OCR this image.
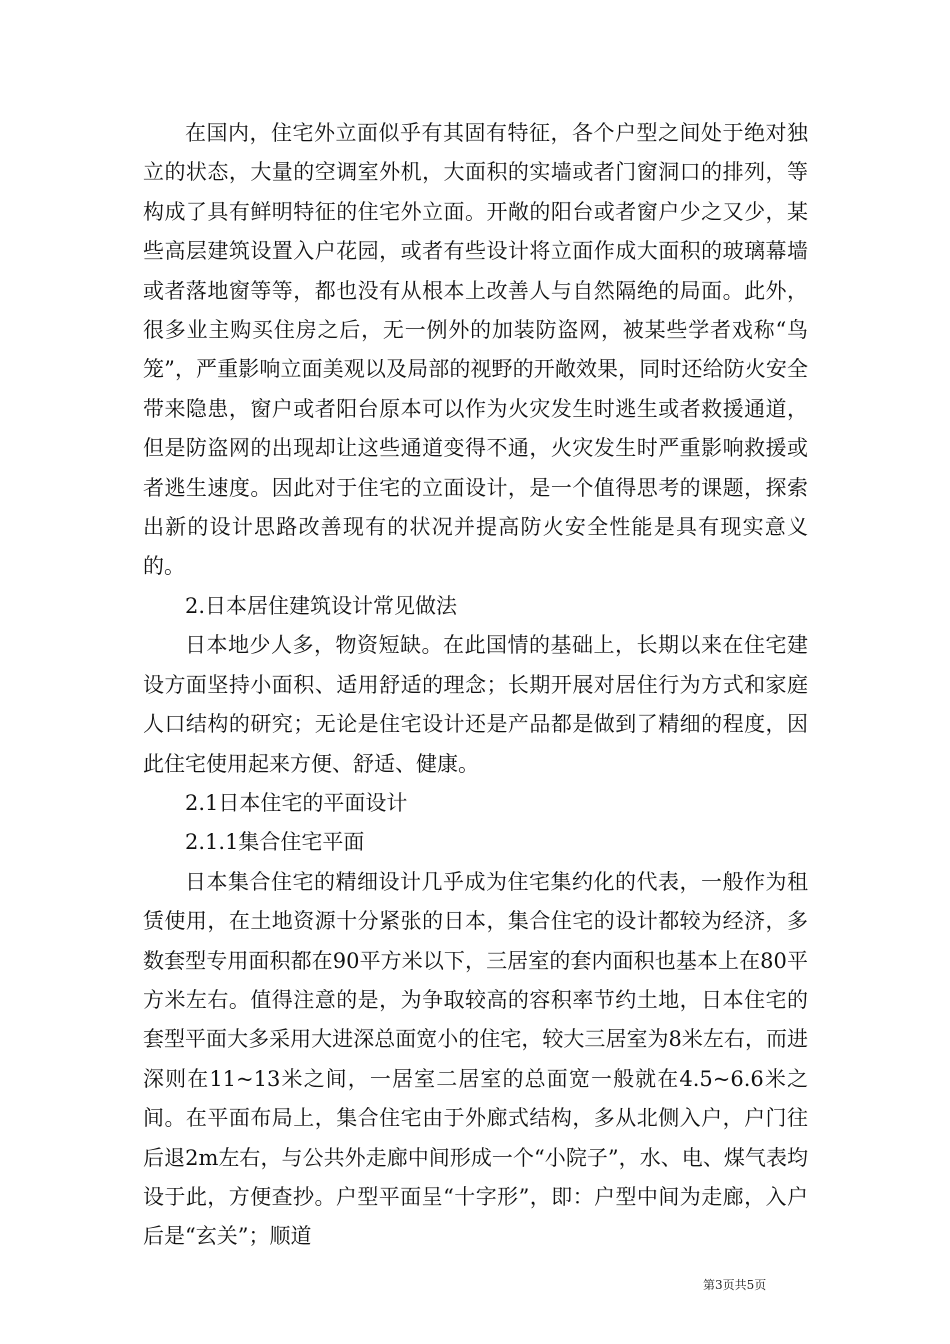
在国内，住宅外立面似乎有其固有特征，各个户型之间处于绝对独立的状态，大量的空调室外机，大面积的实墙或者门窗洞口的排列，等构成了具有鲜明特征的住宅外立面。开敞的阳台或者窗户少之又少，某些高层建筑设置入户花园，或者有些设计将立面作成大面积的玻璃幕墙或者落地窗等等，都也没有从根本上改善人与自然隔绝的局面。此外，很多业主购买住房之后，无一例外的加装防盗网，被某些学者戏称“鸟笼”，严重影响立面美观以及局部的视野的开敞效果，同时还给防火安全带来隐患，窗户或者阳台原本可以作为火灾发生时逃生或者救援通道，但是防盗网的出现却让这些通道变得不通，火灾发生时严重影响救援或者逃生速度。因此对于住宅的立面设计，是一个值得思考的课题，探索出新的设计思路改善现有的状况并提高防火安全性能是具有现实意义的。

2.日本居住建筑设计常见做法

日本地少人多，物资短缺。在此国情的基础上，长期以来在住宅建设方面坚持小面积、适用舒适的理念；长期开展对居住行为方式和家庭人口结构的研究；无论是住宅设计还是产品都是做到了精细的程度，因此住宅使用起来方便、舒适、健康。

2.1日本住宅的平面设计

2.1.1集合住宅平面

日本集合住宅的精细设计几乎成为住宅集约化的代表，一般作为租赁使用，在土地资源十分紧张的日本，集合住宅的设计都较为经济，多数套型专用面积都在90平方米以下，三居室的套内面积也基本上在80平方米左右。值得注意的是，为争取较高的容积率节约土地，日本住宅的套型平面大多采用大进深总面宽小的住宅，较大三居室为8米左右，而进深则在11~13米之间，一居室二居室的总面宽一般就在4.5~6.6米之间。在平面布局上，集合住宅由于外廊式结构，多从北侧入户，户门往后退2m左右，与公共外走廊中间形成一个“小院子”，水、电、煤气表均设于此，方便查抄。户型平面呈“十字形”，即：户型中间为走廊，入户后是“玄关”；顺道

第3页共5页
